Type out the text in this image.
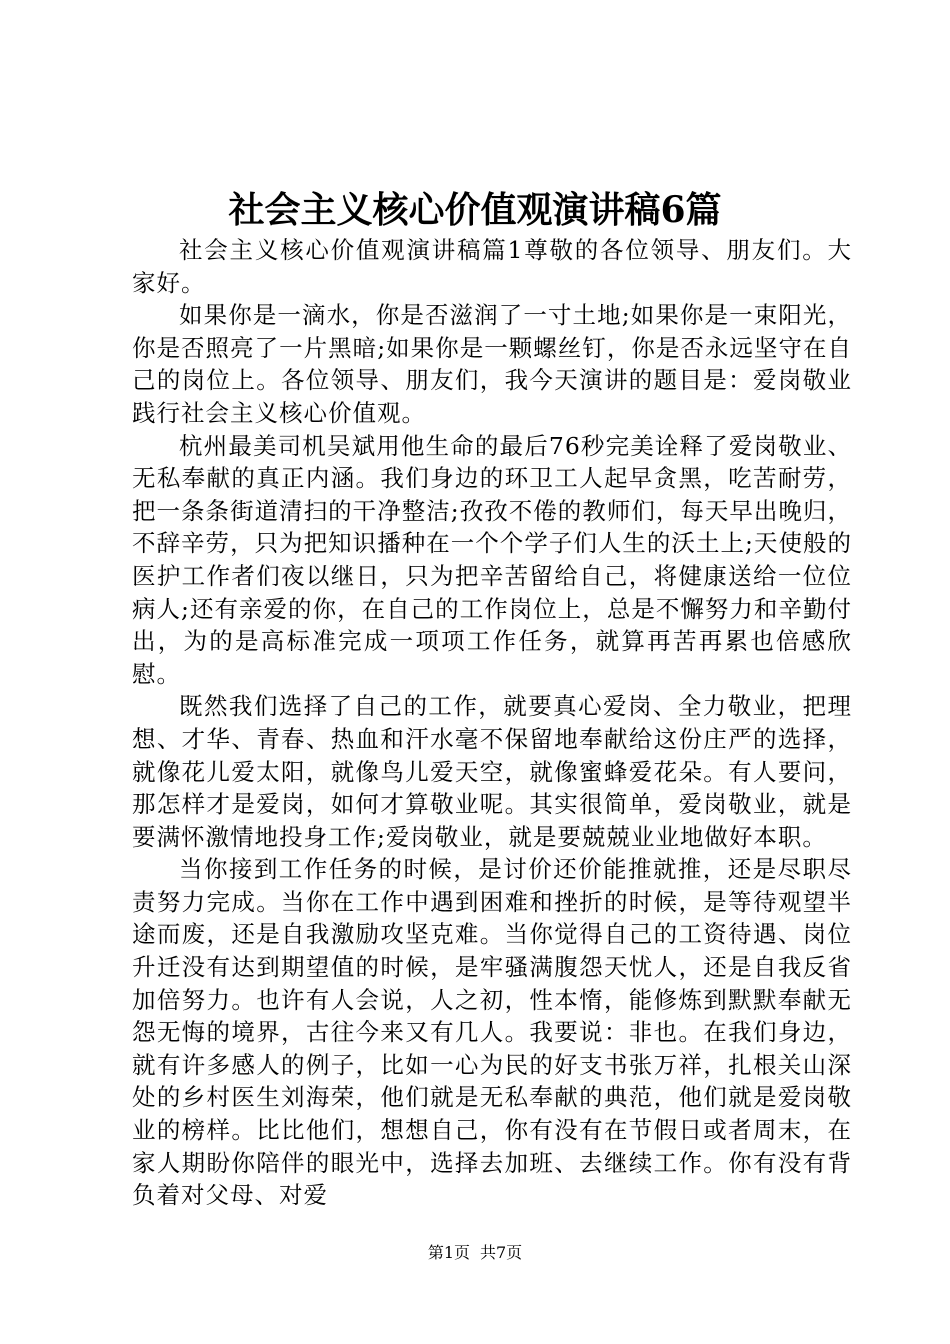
社会主义核心价值观演讲稿6篇

社会主义核心价值观演讲稿篇1尊敬的各位领导、朋友们。大家好。

如果你是一滴水，你是否滋润了一寸土地;如果你是一束阳光，你是否照亮了一片黑暗;如果你是一颗螺丝钉，你是否永远坚守在自己的岗位上。各位领导、朋友们，我今天演讲的题目是：爱岗敬业践行社会主义核心价值观。

杭州最美司机吴斌用他生命的最后76秒完美诠释了爱岗敬业、无私奉献的真正内涵。我们身边的环卫工人起早贪黑，吃苦耐劳，把一条条街道清扫的干净整洁;孜孜不倦的教师们，每天早出晚归，不辞辛劳，只为把知识播种在一个个学子们人生的沃土上;天使般的医护工作者们夜以继日，只为把辛苦留给自己，将健康送给一位位病人;还有亲爱的你，在自己的工作岗位上，总是不懈努力和辛勤付出，为的是高标准完成一项项工作任务，就算再苦再累也倍感欣慰。

既然我们选择了自己的工作，就要真心爱岗、全力敬业，把理想、才华、青春、热血和汗水毫不保留地奉献给这份庄严的选择，就像花儿爱太阳，就像鸟儿爱天空，就像蜜蜂爱花朵。有人要问，那怎样才是爱岗，如何才算敬业呢。其实很简单，爱岗敬业，就是要满怀激情地投身工作;爱岗敬业，就是要兢兢业业地做好本职。

当你接到工作任务的时候，是讨价还价能推就推，还是尽职尽责努力完成。当你在工作中遇到困难和挫折的时候，是等待观望半途而废，还是自我激励攻坚克难。当你觉得自己的工资待遇、岗位升迁没有达到期望值的时候，是牢骚满腹怨天忧人，还是自我反省加倍努力。也许有人会说，人之初，性本惰，能修炼到默默奉献无怨无悔的境界，古往今来又有几人。我要说：非也。在我们身边，就有许多感人的例子，比如一心为民的好支书张万祥，扎根关山深处的乡村医生刘海荣，他们就是无私奉献的典范，他们就是爱岗敬业的榜样。比比他们，想想自己，你有没有在节假日或者周末，在家人期盼你陪伴的眼光中，选择去加班、去继续工作。你有没有背负着对父母、对爱

第1页 共7页
